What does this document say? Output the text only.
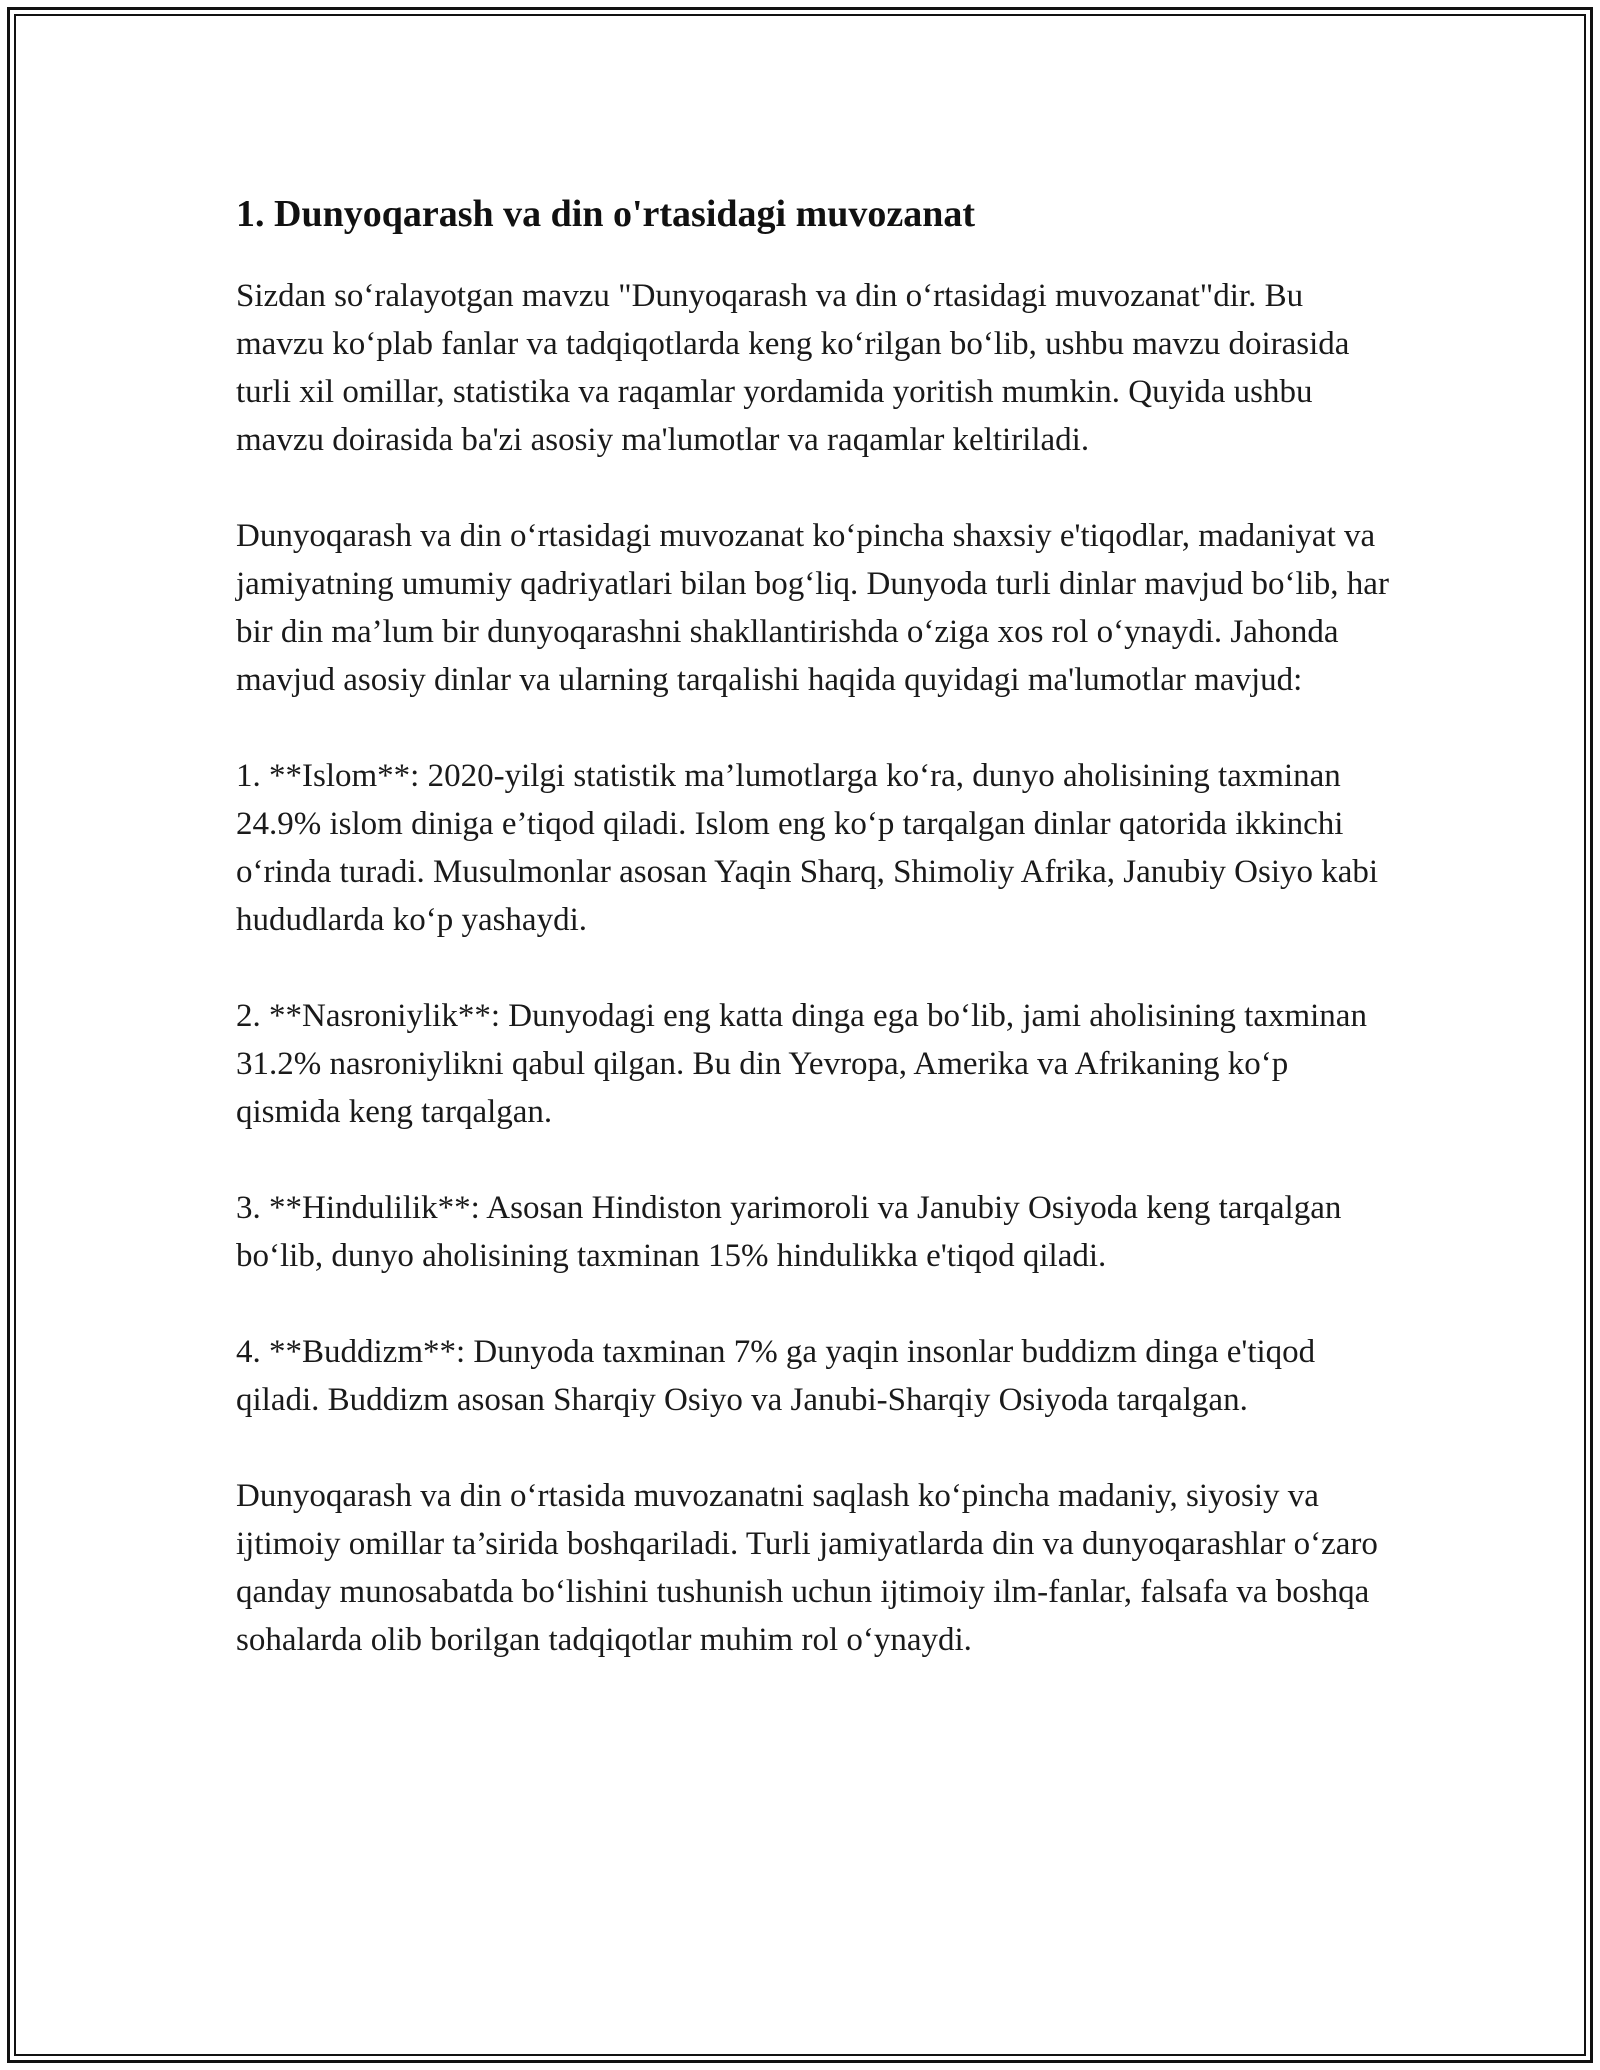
1. Dunyoqarash va din o'rtasidagi muvozanat

Sizdan so‘ralayotgan mavzu "Dunyoqarash va din o‘rtasidagi muvozanat"dir. Bu mavzu ko‘plab fanlar va tadqiqotlarda keng ko‘rilgan bo‘lib, ushbu mavzu doirasida turli xil omillar, statistika va raqamlar yordamida yoritish mumkin. Quyida ushbu mavzu doirasida ba'zi asosiy ma'lumotlar va raqamlar keltiriladi.

Dunyoqarash va din o‘rtasidagi muvozanat ko‘pincha shaxsiy e'tiqodlar, madaniyat va jamiyatning umumiy qadriyatlari bilan bog‘liq. Dunyoda turli dinlar mavjud bo‘lib, har bir din ma’lum bir dunyoqarashni shakllantirishda o‘ziga xos rol o‘ynaydi. Jahonda mavjud asosiy dinlar va ularning tarqalishi haqida quyidagi ma'lumotlar mavjud:

1. **Islom**: 2020-yilgi statistik ma’lumotlarga ko‘ra, dunyo aholisining taxminan 24.9% islom diniga e’tiqod qiladi. Islom eng ko‘p tarqalgan dinlar qatorida ikkinchi o‘rinda turadi. Musulmonlar asosan Yaqin Sharq, Shimoliy Afrika, Janubiy Osiyo kabi hududlarda ko‘p yashaydi.

2. **Nasroniylik**: Dunyodagi eng katta dinga ega bo‘lib, jami aholisining taxminan 31.2% nasroniylikni qabul qilgan. Bu din Yevropa, Amerika va Afrikaning ko‘p qismida keng tarqalgan.

3. **Hindulilik**: Asosan Hindiston yarimoroli va Janubiy Osiyoda keng tarqalgan bo‘lib, dunyo aholisining taxminan 15% hindulikka e'tiqod qiladi.

4. **Buddizm**: Dunyoda taxminan 7% ga yaqin insonlar buddizm dinga e'tiqod qiladi. Buddizm asosan Sharqiy Osiyo va Janubi-Sharqiy Osiyoda tarqalgan.

Dunyoqarash va din o‘rtasida muvozanatni saqlash ko‘pincha madaniy, siyosiy va ijtimoiy omillar ta’sirida boshqariladi. Turli jamiyatlarda din va dunyoqarashlar o‘zaro qanday munosabatda bo‘lishini tushunish uchun ijtimoiy ilm-fanlar, falsafa va boshqa sohalarda olib borilgan tadqiqotlar muhim rol o‘ynaydi.
